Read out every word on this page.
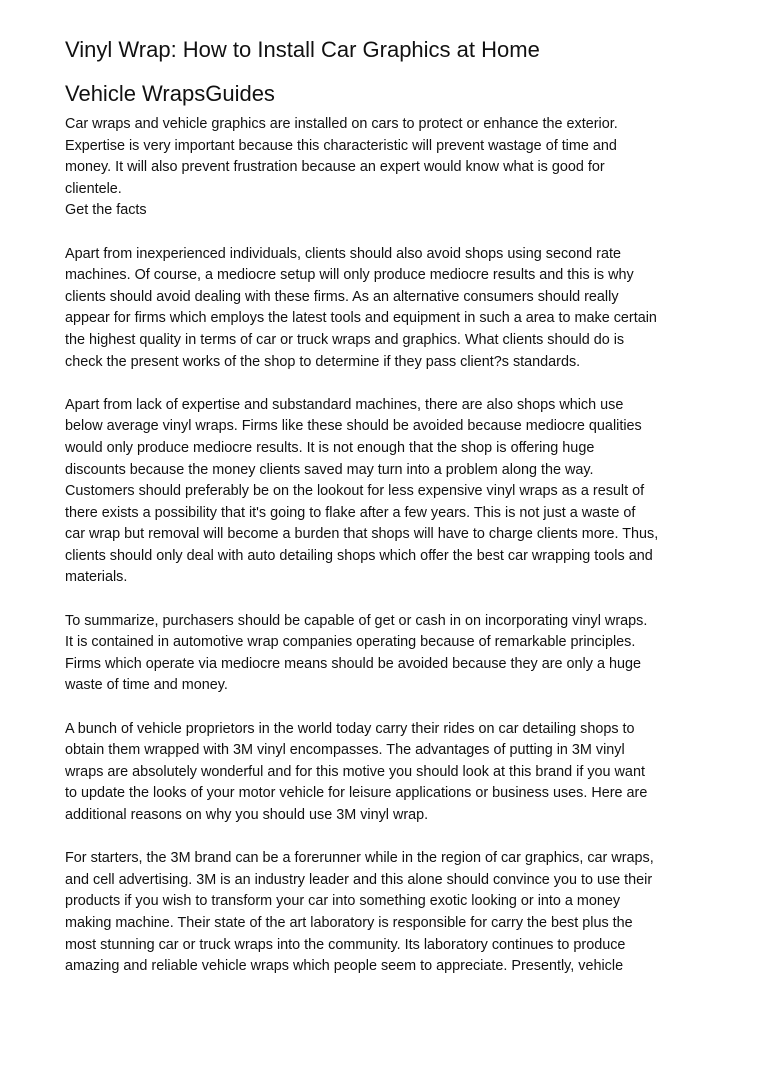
Vinyl Wrap: How to Install Car Graphics at Home
Vehicle WrapsGuides

Car wraps and vehicle graphics are installed on cars to protect or enhance the exterior.
Expertise is very important because this characteristic will prevent wastage of time and
money. It will also prevent frustration because an expert would know what is good for
clientele.
Get the facts

Apart from inexperienced individuals, clients should also avoid shops using second rate
machines. Of course, a mediocre setup will only produce mediocre results and this is why
clients should avoid dealing with these firms. As an alternative consumers should really
appear for firms which employs the latest tools and equipment in such a area to make certain
the highest quality in terms of car or truck wraps and graphics. What clients should do is
check the present works of the shop to determine if they pass client?s standards.

Apart from lack of expertise and substandard machines, there are also shops which use
below average vinyl wraps. Firms like these should be avoided because mediocre qualities
would only produce mediocre results. It is not enough that the shop is offering huge
discounts because the money clients saved may turn into a problem along the way.
Customers should preferably be on the lookout for less expensive vinyl wraps as a result of
there exists a possibility that it's going to flake after a few years. This is not just a waste of
car wrap but removal will become a burden that shops will have to charge clients more. Thus,
clients should only deal with auto detailing shops which offer the best car wrapping tools and
materials.

To summarize, purchasers should be capable of get or cash in on incorporating vinyl wraps.
It is contained in automotive wrap companies operating because of remarkable principles.
Firms which operate via mediocre means should be avoided because they are only a huge
waste of time and money.

A bunch of vehicle proprietors in the world today carry their rides on car detailing shops to
obtain them wrapped with 3M vinyl encompasses. The advantages of putting in 3M vinyl
wraps are absolutely wonderful and for this motive you should look at this brand if you want
to update the looks of your motor vehicle for leisure applications or business uses. Here are
additional reasons on why you should use 3M vinyl wrap.

For starters, the 3M brand can be a forerunner while in the region of car graphics, car wraps,
and cell advertising. 3M is an industry leader and this alone should convince you to use their
products if you wish to transform your car into something exotic looking or into a money
making machine. Their state of the art laboratory is responsible for carry the best plus the
most stunning car or truck wraps into the community. Its laboratory continues to produce
amazing and reliable vehicle wraps which people seem to appreciate. Presently, vehicle
